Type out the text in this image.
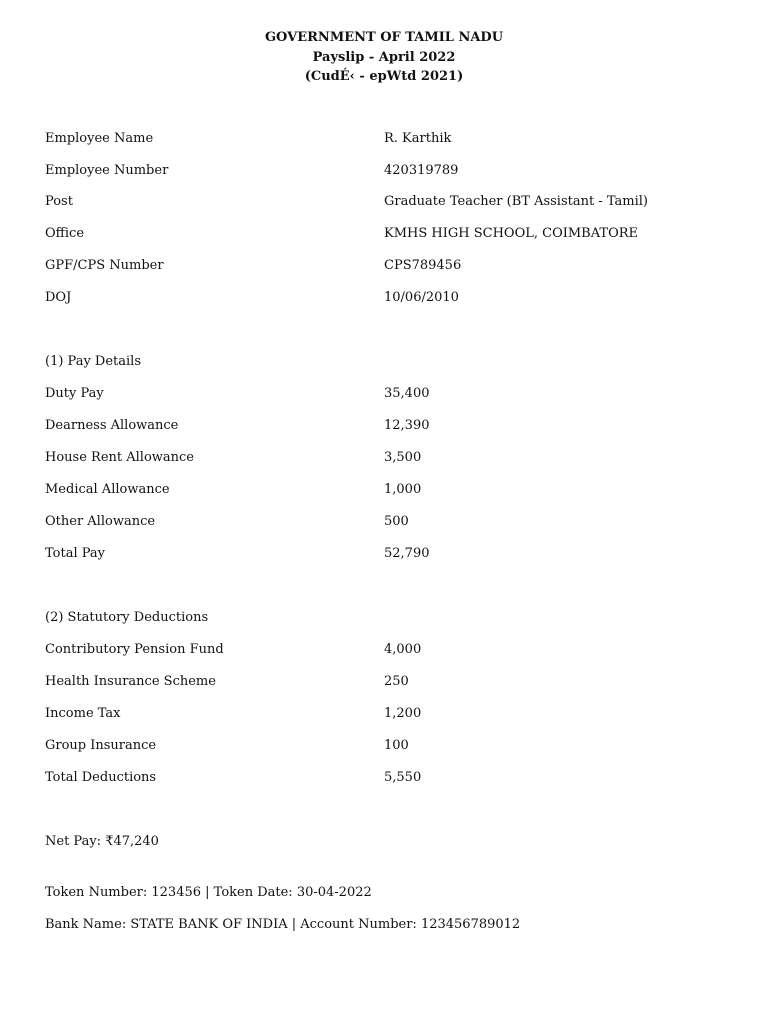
GOVERNMENT OF TAMIL NADU
Payslip - April 2022
(CudÉ‹ - epWtd 2021)
Employee Name	R. Karthik
Employee Number	420319789
Post	Graduate Teacher (BT Assistant - Tamil)
Office	KMHS HIGH SCHOOL, COIMBATORE
GPF/CPS Number	CPS789456
DOJ	10/06/2010
(1) Pay Details
Duty Pay	35,400
Dearness Allowance	12,390
House Rent Allowance	3,500
Medical Allowance	1,000
Other Allowance	500
Total Pay	52,790
(2) Statutory Deductions
Contributory Pension Fund	4,000
Health Insurance Scheme	250
Income Tax	1,200
Group Insurance	100
Total Deductions	5,550
Net Pay: ₹47,240
Token Number: 123456 | Token Date: 30-04-2022
Bank Name: STATE BANK OF INDIA | Account Number: 123456789012
